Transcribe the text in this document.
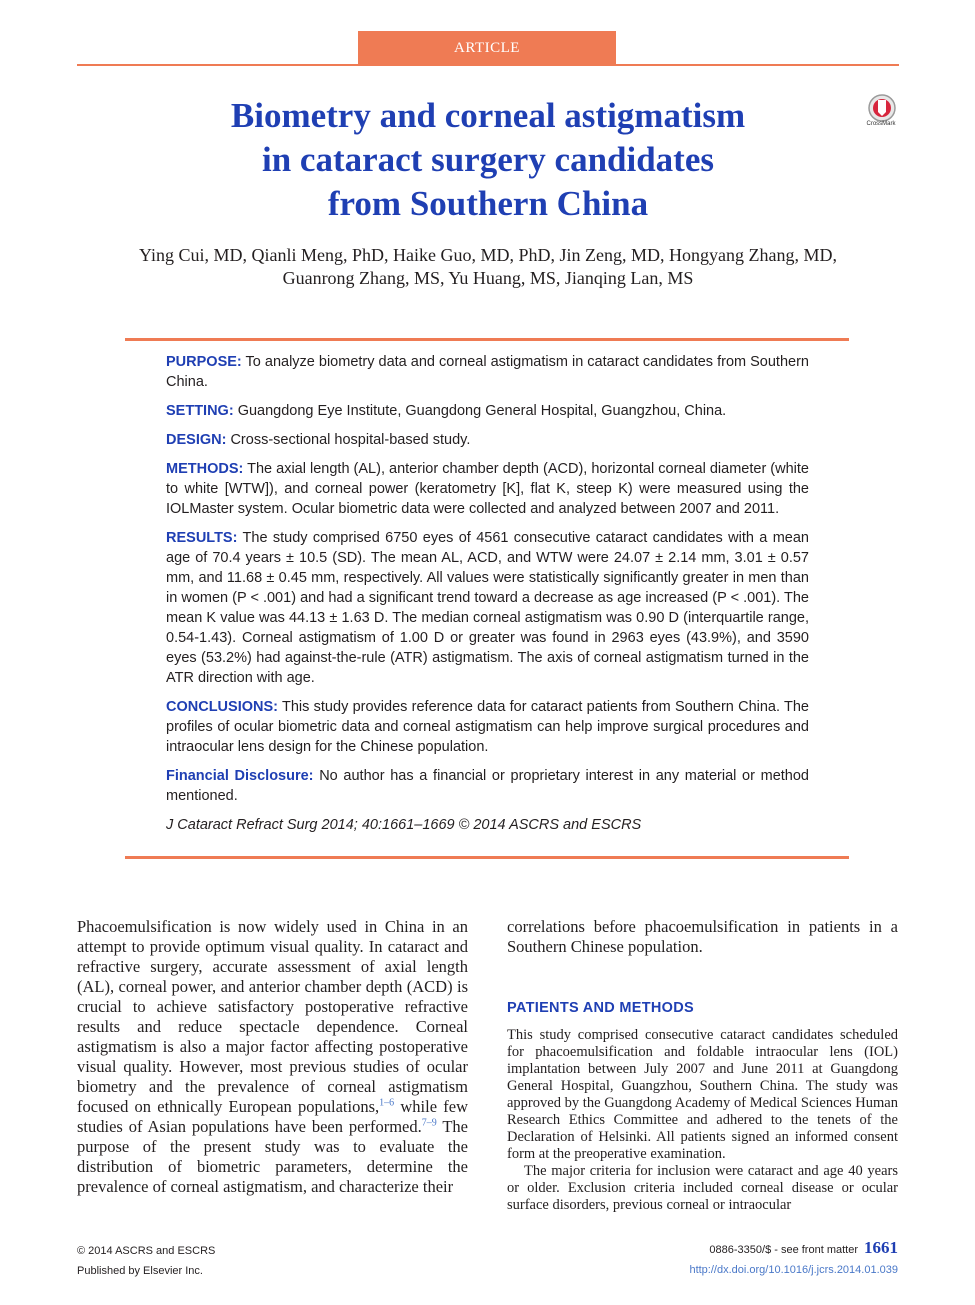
ARTICLE
Biometry and corneal astigmatism
in cataract surgery candidates
from Southern China
CrossMark
Ying Cui, MD, Qianli Meng, PhD, Haike Guo, MD, PhD, Jin Zeng, MD, Hongyang Zhang, MD,
Guanrong Zhang, MS, Yu Huang, MS, Jianqing Lan, MS

PURPOSE: To analyze biometry data and corneal astigmatism in cataract candidates from Southern China.

SETTING: Guangdong Eye Institute, Guangdong General Hospital, Guangzhou, China.

DESIGN: Cross-sectional hospital-based study.

METHODS: The axial length (AL), anterior chamber depth (ACD), horizontal corneal diameter (white to white [WTW]), and corneal power (keratometry [K], flat K, steep K) were measured using the IOLMaster system. Ocular biometric data were collected and analyzed between 2007 and 2011.

RESULTS: The study comprised 6750 eyes of 4561 consecutive cataract candidates with a mean age of 70.4 years ± 10.5 (SD). The mean AL, ACD, and WTW were 24.07 ± 2.14 mm, 3.01 ± 0.57 mm, and 11.68 ± 0.45 mm, respectively. All values were statistically significantly greater in men than in women (P < .001) and had a significant trend toward a decrease as age increased (P < .001). The mean K value was 44.13 ± 1.63 D. The median corneal astigmatism was 0.90 D (interquartile range, 0.54-1.43). Corneal astigmatism of 1.00 D or greater was found in 2963 eyes (43.9%), and 3590 eyes (53.2%) had against-the-rule (ATR) astigmatism. The axis of corneal astigmatism turned in the ATR direction with age.

CONCLUSIONS: This study provides reference data for cataract patients from Southern China. The profiles of ocular biometric data and corneal astigmatism can help improve surgical procedures and intraocular lens design for the Chinese population.

Financial Disclosure: No author has a financial or proprietary interest in any material or method mentioned.

J Cataract Refract Surg 2014; 40:1661–1669 © 2014 ASCRS and ESCRS

Phacoemulsification is now widely used in China in an attempt to provide optimum visual quality. In cataract and refractive surgery, accurate assessment of axial length (AL), corneal power, and anterior chamber depth (ACD) is crucial to achieve satisfactory postoperative refractive results and reduce spectacle dependence. Corneal astigmatism is also a major factor affecting postoperative visual quality. However, most previous studies of ocular biometry and the prevalence of corneal astigmatism focused on ethnically European populations,$^{1-6}$ while few studies of Asian populations have been performed.$^{7-9}$ The purpose of the present study was to evaluate the distribution of biometric parameters, determine the prevalence of corneal astigmatism, and characterize their

correlations before phacoemulsification in patients in a Southern Chinese population.

PATIENTS AND METHODS

This study comprised consecutive cataract candidates scheduled for phacoemulsification and foldable intraocular lens (IOL) implantation between July 2007 and June 2011 at Guangdong General Hospital, Guangzhou, Southern China. The study was approved by the Guangdong Academy of Medical Sciences Human Research Ethics Committee and adhered to the tenets of the Declaration of Helsinki. All patients signed an informed consent form at the preoperative examination.

The major criteria for inclusion were cataract and age 40 years or older. Exclusion criteria included corneal disease or ocular surface disorders, previous corneal or intraocular

© 2014 ASCRS and ESCRS
Published by Elsevier Inc.
0886-3350/$ - see front matter 1661
http://dx.doi.org/10.1016/j.jcrs.2014.01.039
